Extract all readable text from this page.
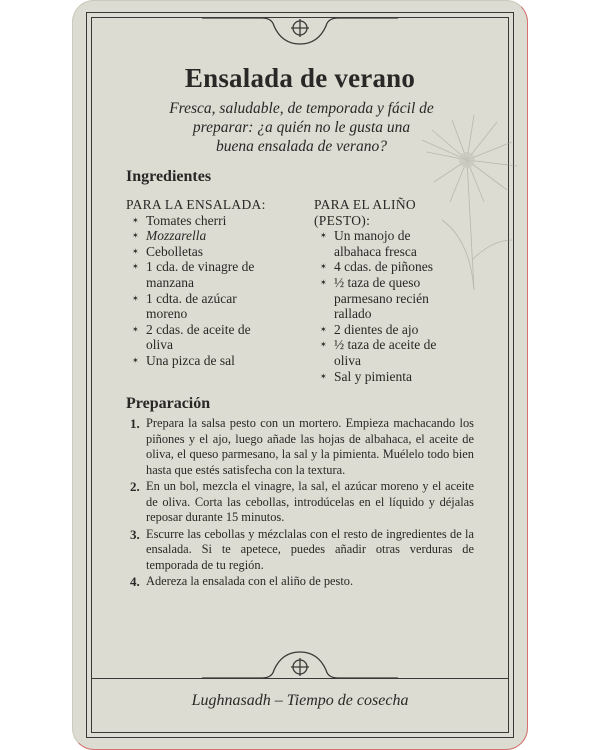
Ensalada de verano
Fresca, saludable, de temporada y fácil de
preparar: ¿a quién no le gusta una
buena ensalada de verano?
Ingredientes
PARA LA ENSALADA:
✶ Tomates cherri
✶ Mozzarella
✶ Cebolletas
✶ 1 cda. de vinagre de manzana
✶ 1 cdta. de azúcar moreno
✶ 2 cdas. de aceite de oliva
✶ Una pizca de sal
PARA EL ALIÑO
(PESTO):
✶ Un manojo de albahaca fresca
✶ 4 cdas. de piñones
✶ ½ taza de queso parmesano recién rallado
✶ 2 dientes de ajo
✶ ½ taza de aceite de oliva
✶ Sal y pimienta
Preparación
1. Prepara la salsa pesto con un mortero. Empieza machacando los piñones y el ajo, luego añade las hojas de albahaca, el aceite de oliva, el queso parmesano, la sal y la pimienta. Muélelo todo bien hasta que estés satisfecha con la textura.
2. En un bol, mezcla el vinagre, la sal, el azúcar moreno y el aceite de oliva. Corta las cebollas, introdúcelas en el líquido y déjalas reposar durante 15 minutos.
3. Escurre las cebollas y mézclalas con el resto de ingredientes de la ensalada. Si te apetece, puedes añadir otras verduras de temporada de tu región.
4. Adereza la ensalada con el aliño de pesto.
Lughnasadh – Tiempo de cosecha
